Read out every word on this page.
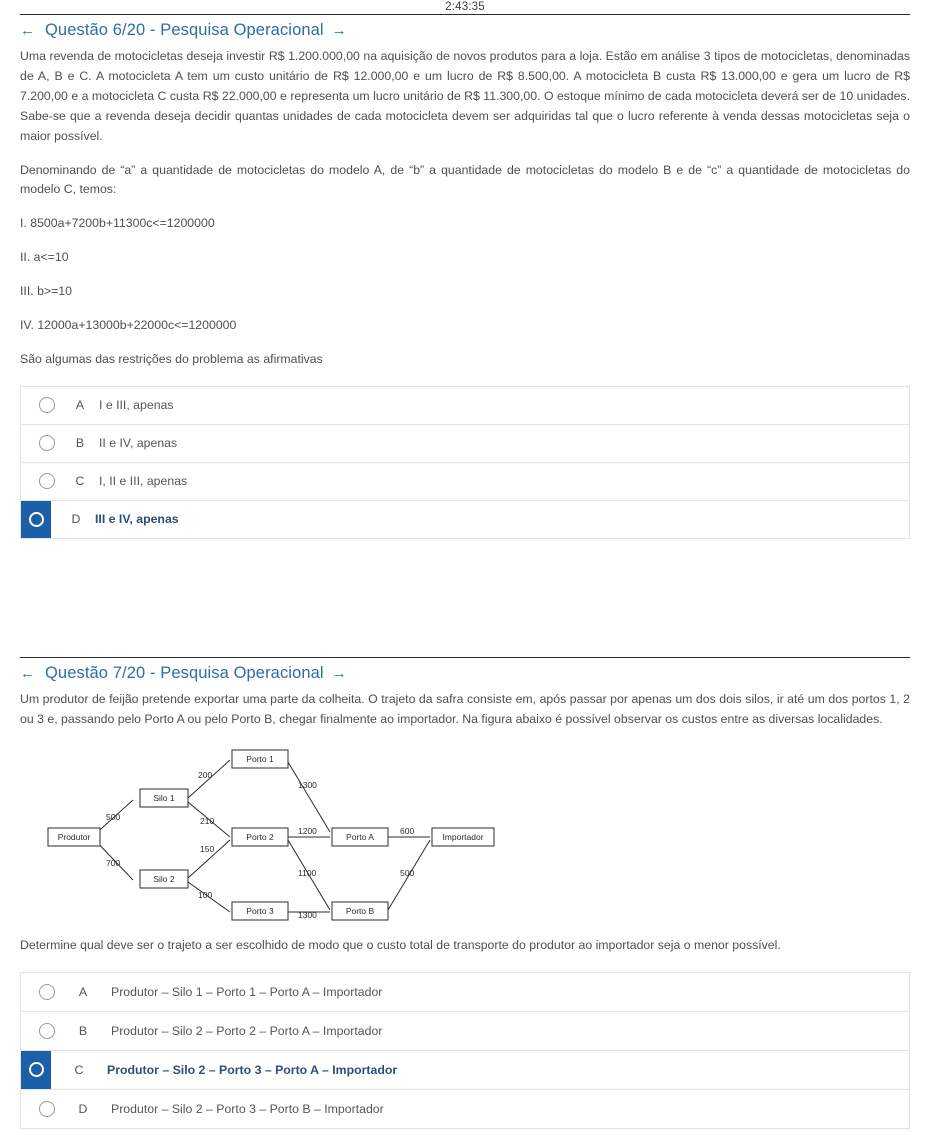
2:43:35
← Questão 6/20 - Pesquisa Operacional →

Uma revenda de motocicletas deseja investir R$ 1.200.000,00 na aquisição de novos produtos para a loja. Estão em análise 3 tipos de motocicletas, denominadas de A, B e C. A motocicleta A tem um custo unitário de R$ 12.000,00 e um lucro de R$ 8.500,00. A motocicleta B custa R$ 13.000,00 e gera um lucro de R$ 7.200,00 e a motocicleta C custa R$ 22.000,00 e representa um lucro unitário de R$ 11.300,00. O estoque mínimo de cada motocicleta deverá ser de 10 unidades. Sabe-se que a revenda deseja decidir quantas unidades de cada motocicleta devem ser adquiridas tal que o lucro referente à venda dessas motocicletas seja o maior possível.

Denominando de “a” a quantidade de motocicletas do modelo A, de “b” a quantidade de motocicletas do modelo B e de “c” a quantidade de motocicletas do modelo C, temos:

I. 8500a+7200b+11300c<=1200000

II. a<=10

III. b>=10

IV. 12000a+13000b+22000c<=1200000

São algumas das restrições do problema as afirmativas

A	I e III, apenas
B	II e IV, apenas
C	I, II e III, apenas
D	III e IV, apenas
← Questão 7/20 - Pesquisa Operacional →

Um produtor de feijão pretende exportar uma parte da colheita. O trajeto da safra consiste em, após passar por apenas um dos dois silos, ir até um dos portos 1, 2 ou 3 e, passando pelo Porto A ou pelo Porto B, chegar finalmente ao importador. Na figura abaixo é possível observar os custos entre as diversas localidades.

Produtor
Silo 1
Silo 2
Porto 1
Porto 2
Porto 3
Porto A
Porto B
Importador
500
700
200
210
150
100
1300
1200
1100
1300
600
500
Determine qual deve ser o trajeto a ser escolhido de modo que o custo total de transporte do produtor ao importador seja o menor possível.
A	Produtor – Silo 1 – Porto 1 – Porto A – Importador
B	Produtor – Silo 2 – Porto 2 – Porto A – Importador
C	Produtor – Silo 2 – Porto 3 – Porto A – Importador
D	Produtor – Silo 2 – Porto 3 – Porto B – Importador
